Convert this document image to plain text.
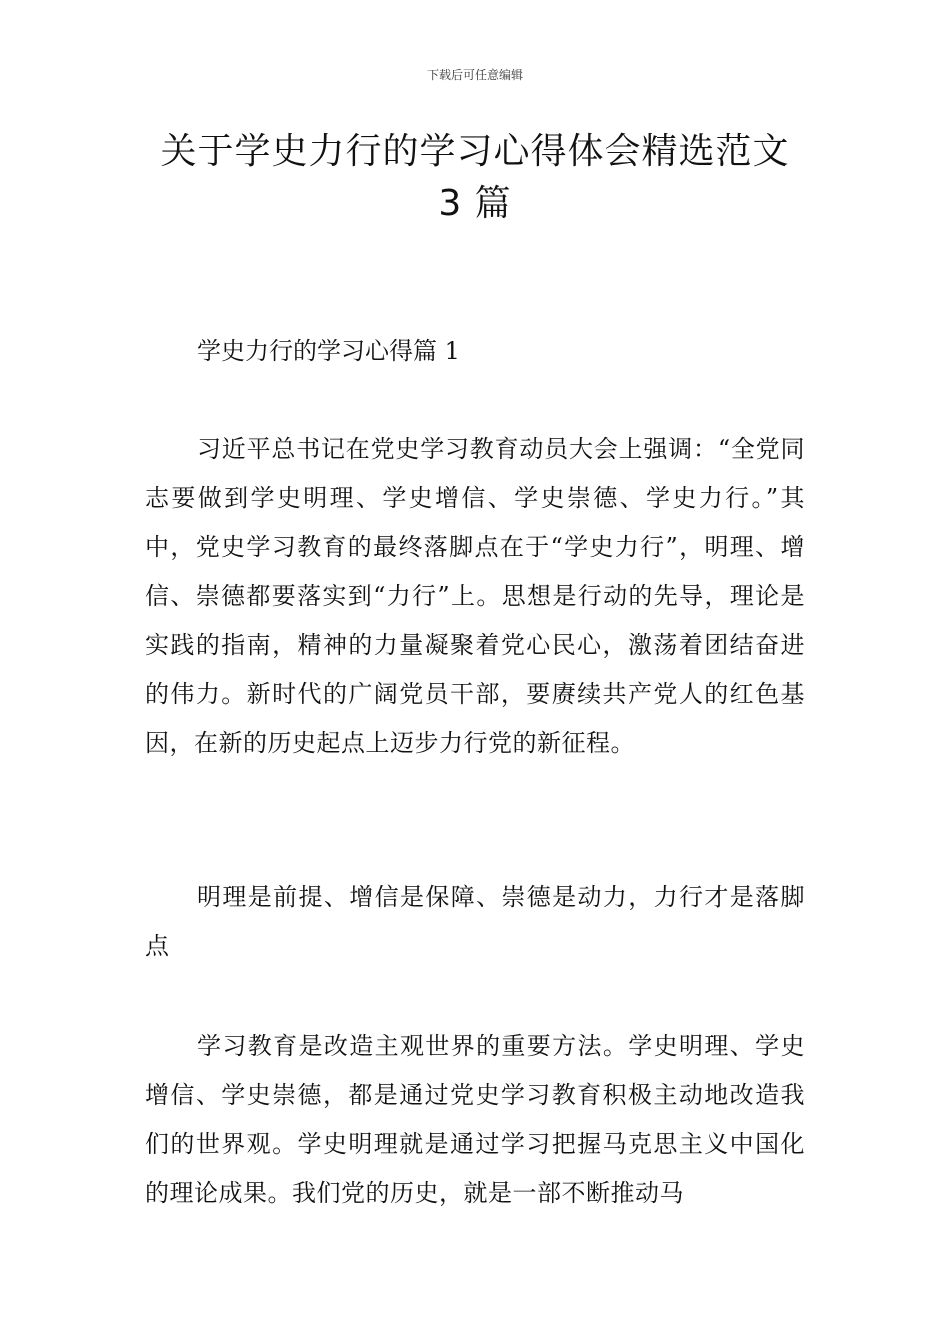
下载后可任意编辑
关于学史力行的学习心得体会精选范文 3 篇

学史力行的学习心得篇 1

习近平总书记在党史学习教育动员大会上强调：“全党同志要做到学史明理、学史增信、学史崇德、学史力行。”其中，党史学习教育的最终落脚点在于“学史力行”，明理、增信、崇德都要落实到“力行”上。思想是行动的先导，理论是实践的指南，精神的力量凝聚着党心民心，激荡着团结奋进的伟力。新时代的广阔党员干部，要赓续共产党人的红色基因，在新的历史起点上迈步力行党的新征程。

明理是前提、增信是保障、崇德是动力，力行才是落脚点

学习教育是改造主观世界的重要方法。学史明理、学史增信、学史崇德，都是通过党史学习教育积极主动地改造我们的世界观。学史明理就是通过学习把握马克思主义中国化的理论成果。我们党的历史，就是一部不断推动马
